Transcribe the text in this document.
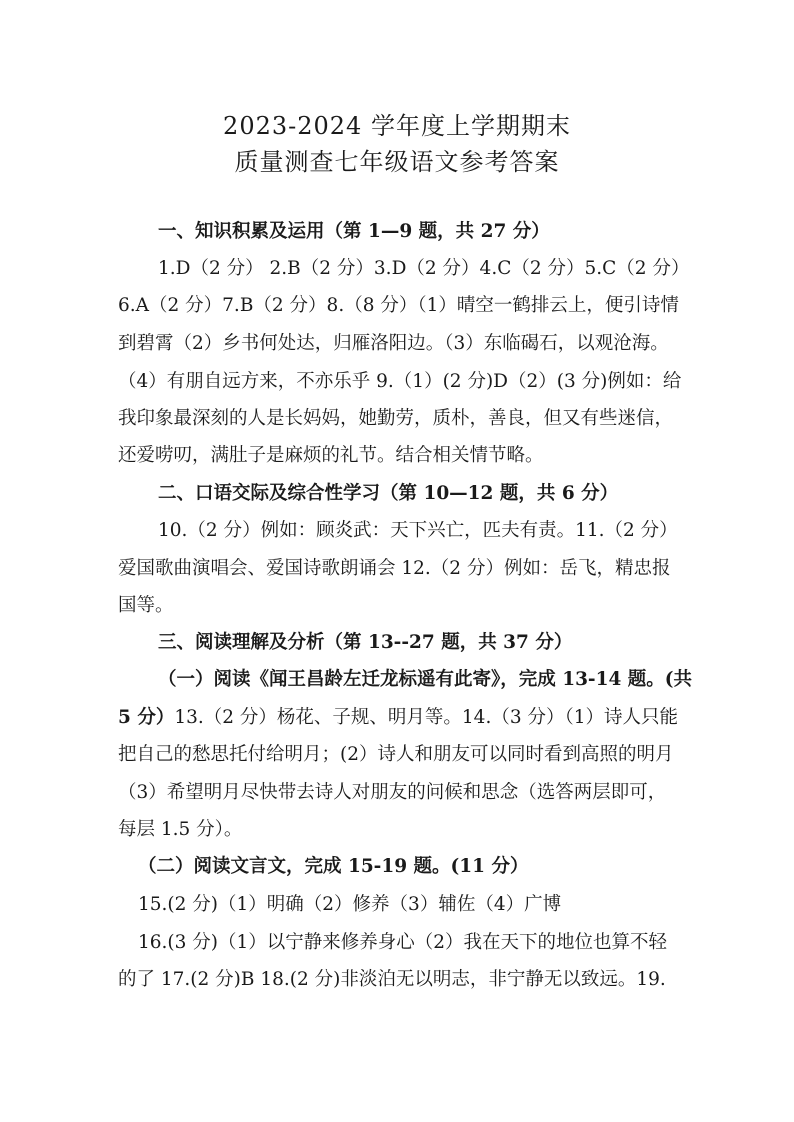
2023-2024 学年度上学期期末
质量测查七年级语文参考答案
一、知识积累及运用（第 1—9 题，共 27 分）
1.D（2 分） 2.B（2 分）3.D（2 分）4.C（2 分）5.C（2 分）
6.A（2 分）7.B（2 分）8.（8 分）（1）晴空一鹤排云上，便引诗情
到碧霄（2）乡书何处达，归雁洛阳边。（3）东临碣石，以观沧海。
（4）有朋自远方来，不亦乐乎 9.（1）(2 分)D（2）(3 分)例如：给
我印象最深刻的人是长妈妈，她勤劳，质朴，善良，但又有些迷信，
还爱唠叨，满肚子是麻烦的礼节。结合相关情节略。
二、口语交际及综合性学习（第 10—12 题，共 6 分）
10.（2 分）例如：顾炎武：天下兴亡，匹夫有责。11.（2 分）
爱国歌曲演唱会、爱国诗歌朗诵会 12.（2 分）例如：岳飞，精忠报
国等。
三、阅读理解及分析（第 13--27 题，共 37 分）
（一）阅读《闻王昌龄左迁龙标遥有此寄》，完成 13-14 题。(共
5 分）13.（2 分）杨花、子规、明月等。14.（3 分）（1）诗人只能
把自己的愁思托付给明月；(2）诗人和朋友可以同时看到高照的明月
（3）希望明月尽快带去诗人对朋友的问候和思念（选答两层即可，
每层 1.5 分）。
（二）阅读文言文，完成 15-19 题。(11 分）
15.(2 分)（1）明确（2）修养（3）辅佐（4）广博
16.(3 分)（1）以宁静来修养身心（2）我在天下的地位也算不轻
的了 17.(2 分)B 18.(2 分)非淡泊无以明志，非宁静无以致远。19.
